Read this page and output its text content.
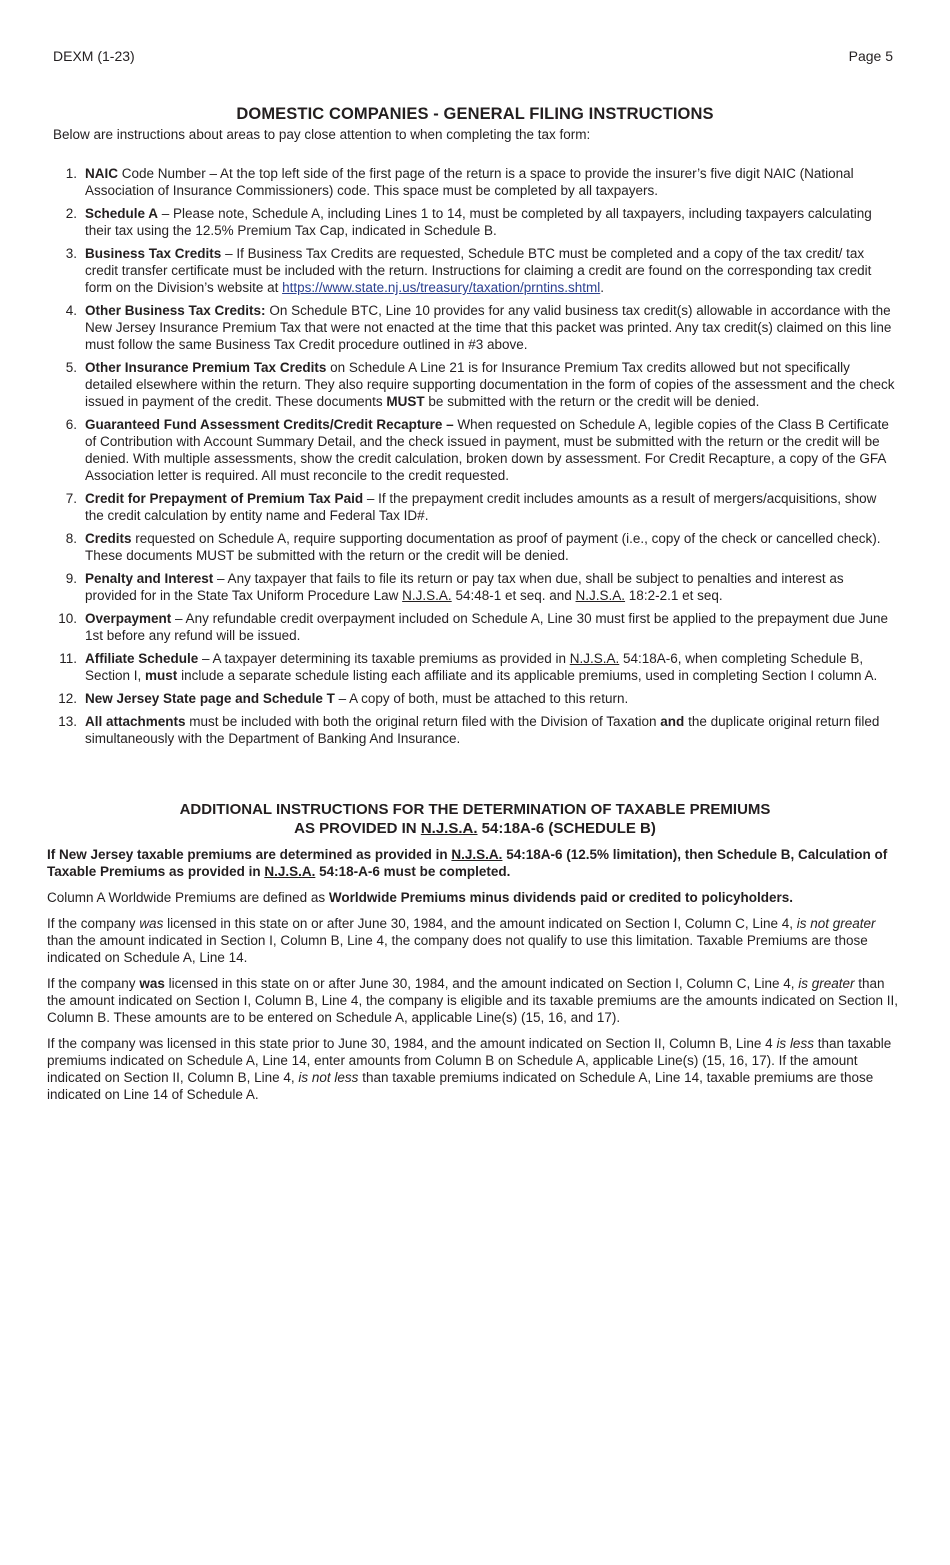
DEXM (1-23)	Page 5
DOMESTIC COMPANIES - GENERAL FILING INSTRUCTIONS
Below are instructions about areas to pay close attention to when completing the tax form:
1. NAIC Code Number – At the top left side of the first page of the return is a space to provide the insurer’s five digit NAIC (National Association of Insurance Commissioners) code. This space must be completed by all taxpayers.
2. Schedule A – Please note, Schedule A, including Lines 1 to 14, must be completed by all taxpayers, including taxpayers calculating their tax using the 12.5% Premium Tax Cap, indicated in Schedule B.
3. Business Tax Credits – If Business Tax Credits are requested, Schedule BTC must be completed and a copy of the tax credit/ tax credit transfer certificate must be included with the return. Instructions for claiming a credit are found on the corresponding tax credit form on the Division’s website at https://www.state.nj.us/treasury/taxation/prntins.shtml.
4. Other Business Tax Credits: On Schedule BTC, Line 10 provides for any valid business tax credit(s) allowable in accordance with the New Jersey Insurance Premium Tax that were not enacted at the time that this packet was printed. Any tax credit(s) claimed on this line must follow the same Business Tax Credit procedure outlined in #3 above.
5. Other Insurance Premium Tax Credits on Schedule A Line 21 is for Insurance Premium Tax credits allowed but not specifically detailed elsewhere within the return. They also require supporting documentation in the form of copies of the assessment and the check issued in payment of the credit. These documents MUST be submitted with the return or the credit will be denied.
6. Guaranteed Fund Assessment Credits/Credit Recapture – When requested on Schedule A, legible copies of the Class B Certificate of Contribution with Account Summary Detail, and the check issued in payment, must be submitted with the return or the credit will be denied. With multiple assessments, show the credit calculation, broken down by assessment. For Credit Recapture, a copy of the GFA Association letter is required. All must reconcile to the credit requested.
7. Credit for Prepayment of Premium Tax Paid – If the prepayment credit includes amounts as a result of mergers/acquisitions, show the credit calculation by entity name and Federal Tax ID#.
8. Credits requested on Schedule A, require supporting documentation as proof of payment (i.e., copy of the check or cancelled check). These documents MUST be submitted with the return or the credit will be denied.
9. Penalty and Interest – Any taxpayer that fails to file its return or pay tax when due, shall be subject to penalties and interest as provided for in the State Tax Uniform Procedure Law N.J.S.A. 54:48-1 et seq. and N.J.S.A. 18:2-2.1 et seq.
10. Overpayment – Any refundable credit overpayment included on Schedule A, Line 30 must first be applied to the prepayment due June 1st before any refund will be issued.
11. Affiliate Schedule – A taxpayer determining its taxable premiums as provided in N.J.S.A. 54:18A-6, when completing Schedule B, Section I, must include a separate schedule listing each affiliate and its applicable premiums, used in completing Section I column A.
12. New Jersey State page and Schedule T – A copy of both, must be attached to this return.
13. All attachments must be included with both the original return filed with the Division of Taxation and the duplicate original return filed simultaneously with the Department of Banking And Insurance.
ADDITIONAL INSTRUCTIONS FOR THE DETERMINATION OF TAXABLE PREMIUMS
AS PROVIDED IN N.J.S.A. 54:18A-6 (SCHEDULE B)

If New Jersey taxable premiums are determined as provided in N.J.S.A. 54:18A-6 (12.5% limitation), then Schedule B, Calculation of Taxable Premiums as provided in N.J.S.A. 54:18-A-6 must be completed.

Column A Worldwide Premiums are defined as Worldwide Premiums minus dividends paid or credited to policyholders.

If the company was licensed in this state on or after June 30, 1984, and the amount indicated on Section I, Column C, Line 4, is not greater than the amount indicated in Section I, Column B, Line 4, the company does not qualify to use this limitation. Taxable Premiums are those indicated on Schedule A, Line 14.

If the company was licensed in this state on or after June 30, 1984, and the amount indicated on Section I, Column C, Line 4, is greater than the amount indicated on Section I, Column B, Line 4, the company is eligible and its taxable premiums are the amounts indicated on Section II, Column B. These amounts are to be entered on Schedule A, applicable Line(s) (15, 16, and 17).

If the company was licensed in this state prior to June 30, 1984, and the amount indicated on Section II, Column B, Line 4 is less than taxable premiums indicated on Schedule A, Line 14, enter amounts from Column B on Schedule A, applicable Line(s) (15, 16, 17). If the amount indicated on Section II, Column B, Line 4, is not less than taxable premiums indicated on Schedule A, Line 14, taxable premiums are those indicated on Line 14 of Schedule A.
